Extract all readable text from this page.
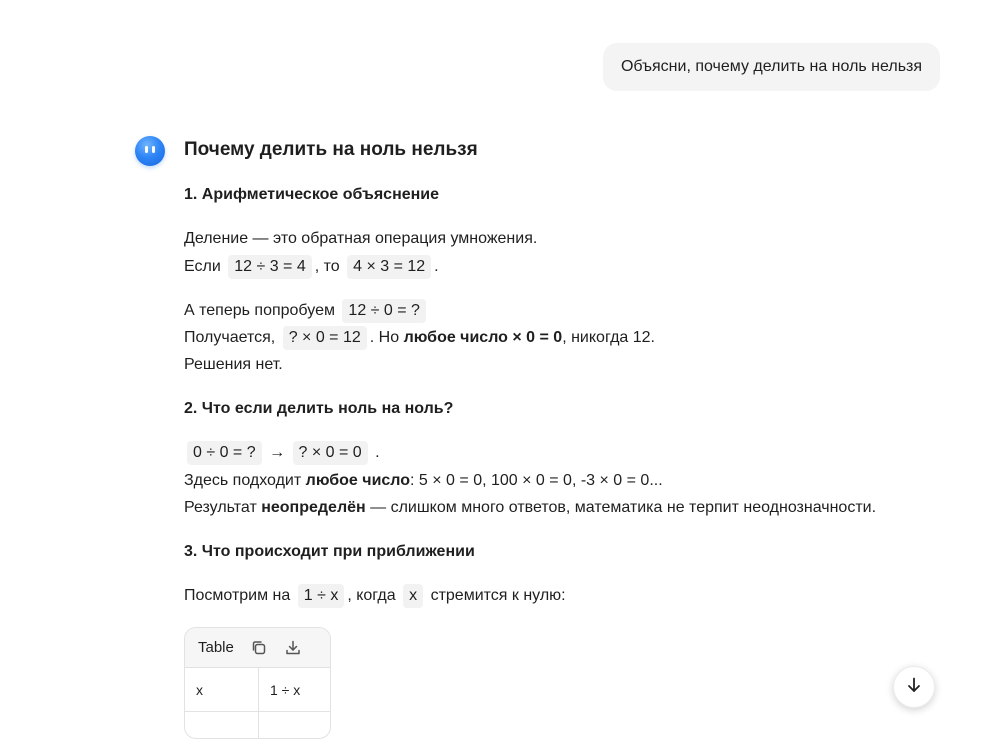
Объясни, почему делить на ноль нельзя
Почему делить на ноль нельзя
1. Арифметическое объяснение
Деление — это обратная операция умножения.
Если 12 ÷ 3 = 4 , то 4 × 3 = 12 .
А теперь попробуем 12 ÷ 0 = ?
Получается, ? × 0 = 12 . Но любое число × 0 = 0, никогда 12.
Решения нет.
2. Что если делить ноль на ноль?
0 ÷ 0 = ? → ? × 0 = 0 .
Здесь подходит любое число: 5 × 0 = 0, 100 × 0 = 0, -3 × 0 = 0...
Результат неопределён — слишком много ответов, математика не терпит неоднозначности.
3. Что происходит при приближении
Посмотрим на 1 ÷ x , когда x стремится к нулю:
Table
x	1 ÷ x
